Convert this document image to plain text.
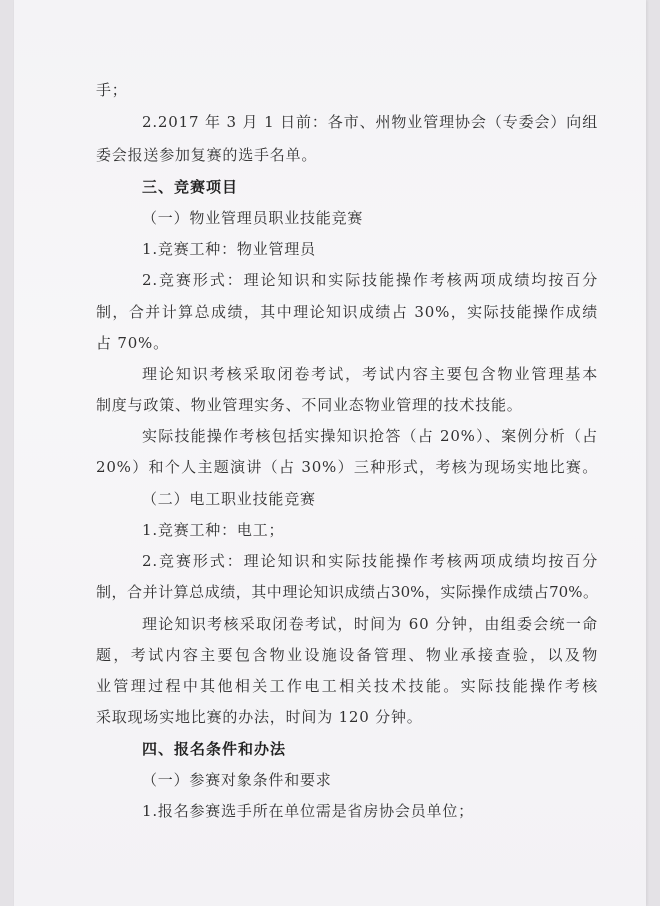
手；
2.2017 年 3 月 1 日前：各市、州物业管理协会（专委会）向组
委会报送参加复赛的选手名单。
三、竞赛项目
（一）物业管理员职业技能竞赛
1.竞赛工种：物业管理员
2.竞赛形式：理论知识和实际技能操作考核两项成绩均按百分
制，合并计算总成绩，其中理论知识成绩占 30%，实际技能操作成绩
占 70%。
理论知识考核采取闭卷考试，考试内容主要包含物业管理基本
制度与政策、物业管理实务、不同业态物业管理的技术技能。
实际技能操作考核包括实操知识抢答（占 20%）、案例分析（占
20%）和个人主题演讲（占 30%）三种形式，考核为现场实地比赛。
（二）电工职业技能竞赛
1.竞赛工种：电工；
2.竞赛形式：理论知识和实际技能操作考核两项成绩均按百分
制，合并计算总成绩，其中理论知识成绩占30%，实际操作成绩占70%。
理论知识考核采取闭卷考试，时间为 60 分钟，由组委会统一命
题，考试内容主要包含物业设施设备管理、物业承接查验，以及物
业管理过程中其他相关工作电工相关技术技能。实际技能操作考核
采取现场实地比赛的办法，时间为 120 分钟。
四、报名条件和办法
（一）参赛对象条件和要求
1.报名参赛选手所在单位需是省房协会员单位；
